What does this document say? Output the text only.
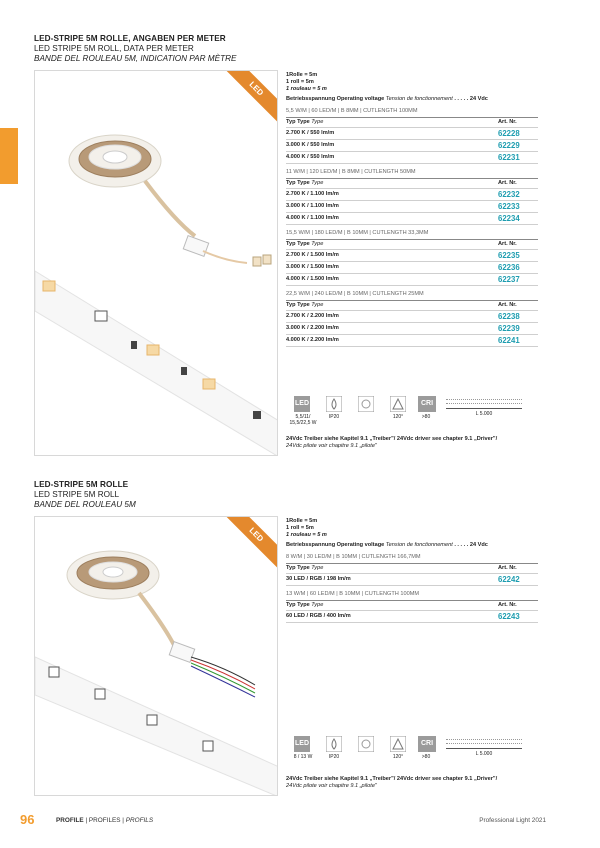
LED-STRIPE 5M ROLLE, ANGABEN PER METER
LED STRIPE 5M ROLL, DATA PER METER
BANDE DEL ROULEAU 5M, INDICATION PAR MÈTRE
LED
1Rolle = 5m
1 roll = 5m
1 rouleau = 5 m
Betriebsspannung Operating voltage Tension de fonctionnement . . . . . 24 Vdc
5,5 W/M | 60 LED/M | B 8MM | CUTLENGTH 100MM
Typ Type Type	Art. Nr.
2.700 K / 550 lm/m	62228
3.000 K / 550 lm/m	62229
4.000 K / 550 lm/m	62231
11 W/M | 120 LED/M | B 8MM | CUTLENGTH 50MM
Typ Type Type	Art. Nr.
2.700 K / 1.100 lm/m	62232
3.000 K / 1.100 lm/m	62233
4.000 K / 1.100 lm/m	62234
15,5 W/M | 180 LED/M | B 10MM | CUTLENGTH 33,3MM
Typ Type Type	Art. Nr.
2.700 K / 1.500 lm/m	62235
3.000 K / 1.500 lm/m	62236
4.000 K / 1.500 lm/m	62237
22,5 W/M | 240 LED/M | B 10MM | CUTLENGTH 25MM
Typ Type Type	Art. Nr.
2.700 K / 2.200 lm/m	62238
3.000 K / 2.200 lm/m	62239
4.000 K / 2.200 lm/m	62241
LED
5,5/11/ 15,5/22,5 W
IP20	120°
CRI
>80	L 5.000
24Vdc Treiber siehe Kapitel 9.1 „Treiber"/ 24Vdc driver see chapter 9.1 „Driver"/
24Vdc pilote voir chapitre 9.1 „pilote"
LED-STRIPE 5M ROLLE
LED STRIPE 5M ROLL
BANDE DEL ROULEAU 5M
LED
1Rolle = 5m
1 roll = 5m
1 rouleau = 5 m
Betriebsspannung Operating voltage Tension de fonctionnement . . . . . 24 Vdc
8 W/M | 30 LED/M | B 10MM | CUTLENGTH 166,7MM
Typ Type Type	Art. Nr.
30 LED / RGB / 198 lm/m	62242
13 W/M | 60 LED/M | B 10MM | CUTLENGTH 100MM
Typ Type Type	Art. Nr.
60 LED / RGB / 400 lm/m	62243
LED
8 / 13 W	IP20	120°
CRI
>80	L 5.000
24Vdc Treiber siehe Kapitel 9.1 „Treiber"/ 24Vdc driver see chapter 9.1 „Driver"/
24Vdc pilote voir chapitre 9.1 „pilote"
96	PROFILE | PROFILES | PROFILS	Professional Light 2021
